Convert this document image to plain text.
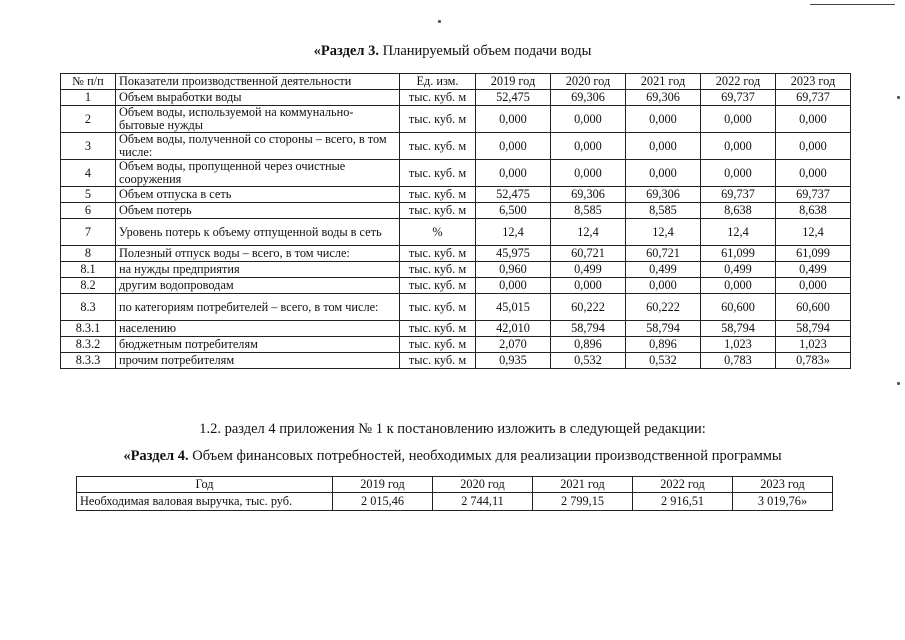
«Раздел 3. Планируемый объем подачи воды
№ п/п	Показатели производственной деятельности	Ед. изм.	2019 год	2020 год	2021 год	2022 год	2023 год
1	Объем выработки воды	тыс. куб. м	52,475	69,306	69,306	69,737	69,737
2	Объем воды, используемой на коммунально-бытовые нужды	тыс. куб. м	0,000	0,000	0,000	0,000	0,000
3	Объем воды, полученной со стороны – всего, в том числе:	тыс. куб. м	0,000	0,000	0,000	0,000	0,000
4	Объем воды, пропущенной через очистные сооружения	тыс. куб. м	0,000	0,000	0,000	0,000	0,000
5	Объем отпуска в сеть	тыс. куб. м	52,475	69,306	69,306	69,737	69,737
6	Объем потерь	тыс. куб. м	6,500	8,585	8,585	8,638	8,638
7	Уровень потерь к объему отпущенной воды в сеть	%	12,4	12,4	12,4	12,4	12,4
8	Полезный отпуск воды – всего, в том числе:	тыс. куб. м	45,975	60,721	60,721	61,099	61,099
8.1	на нужды предприятия	тыс. куб. м	0,960	0,499	0,499	0,499	0,499
8.2	другим водопроводам	тыс. куб. м	0,000	0,000	0,000	0,000	0,000
8.3	по категориям потребителей – всего, в том числе:	тыс. куб. м	45,015	60,222	60,222	60,600	60,600
8.3.1	населению	тыс. куб. м	42,010	58,794	58,794	58,794	58,794
8.3.2	бюджетным потребителям	тыс. куб. м	2,070	0,896	0,896	1,023	1,023
8.3.3	прочим потребителям	тыс. куб. м	0,935	0,532	0,532	0,783	0,783»
1.2. раздел 4 приложения № 1 к постановлению изложить в следующей редакции:
«Раздел 4. Объем финансовых потребностей, необходимых для реализации производственной программы
Год	2019 год	2020 год	2021 год	2022 год	2023 год
Необходимая валовая выручка, тыс. руб.	2 015,46	2 744,11	2 799,15	2 916,51	3 019,76»
